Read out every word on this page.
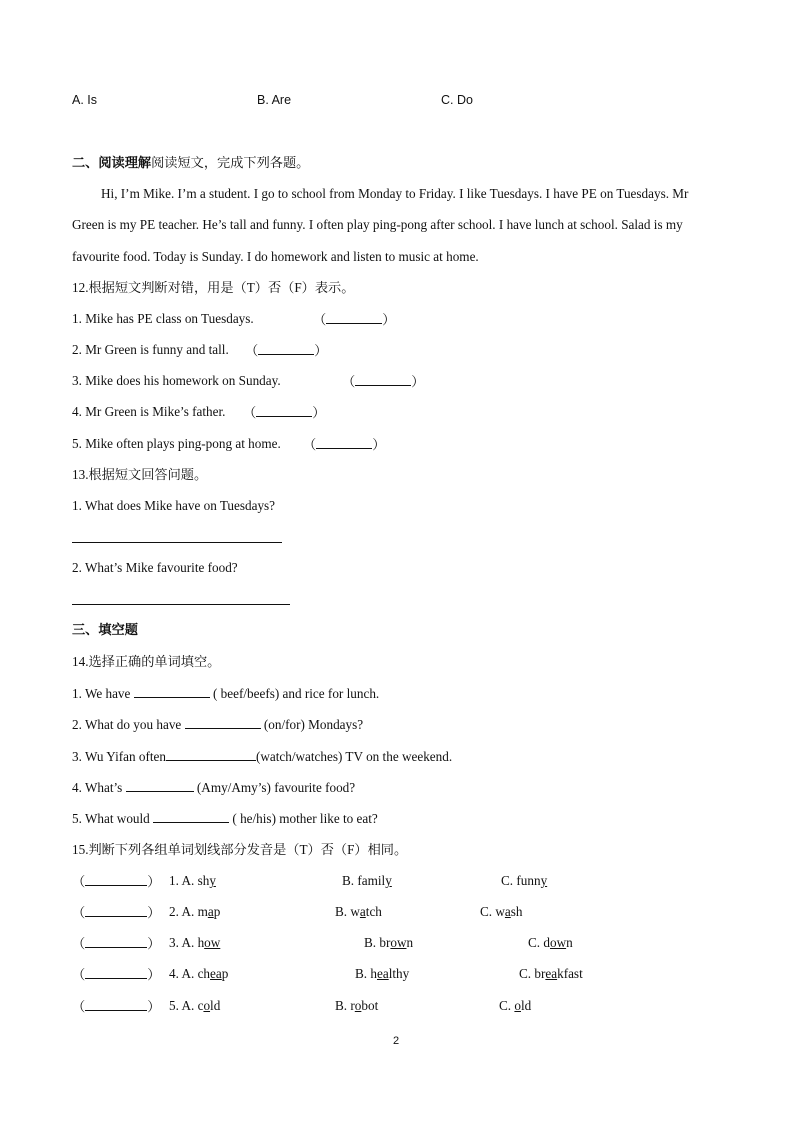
A. Is	B. Are	C. Do
二、阅读理解阅读短文，完成下列各题。
Hi, I’m Mike. I’m a student. I go to school from Monday to Friday. I like Tuesdays. I have PE on Tuesdays. Mr
Green is my PE teacher. He’s tall and funny. I often play ping-pong after school. I have lunch at school. Salad is my
favourite food. Today is Sunday. I do homework and listen to music at home.
12.根据短文判断对错，用是（T）否（F）表示。
1. Mike has PE class on Tuesdays.	（	）
2. Mr Green is funny and tall. （	）
3. Mike does his homework on Sunday.	（	）
4. Mr Green is Mike’s father. （	）
5. Mike often plays ping-pong at home. （	）
13.根据短文回答问题。
1. What does Mike have on Tuesdays?
2. What’s Mike favourite food?
三、填空题
14.选择正确的单词填空。
1. We have	( beef/beefs) and rice for lunch.
2. What do you have	(on/for) Mondays?
3. Wu Yifan often	(watch/watches) TV on the weekend.
4. What’s	(Amy/Amy’s) favourite food?
5. What would	( he/his) mother like to eat?
15.判断下列各组单词划线部分发音是（T）否（F）相同。
（	） 1. A. shy	B. family	C. funny
（	） 2. A. map	B. watch	C. wash
（	） 3. A. how	B. brown	C. down
（	） 4. A. cheap	B. healthy	C. breakfast
（	） 5. A. cold	B. robot	C. old
2
